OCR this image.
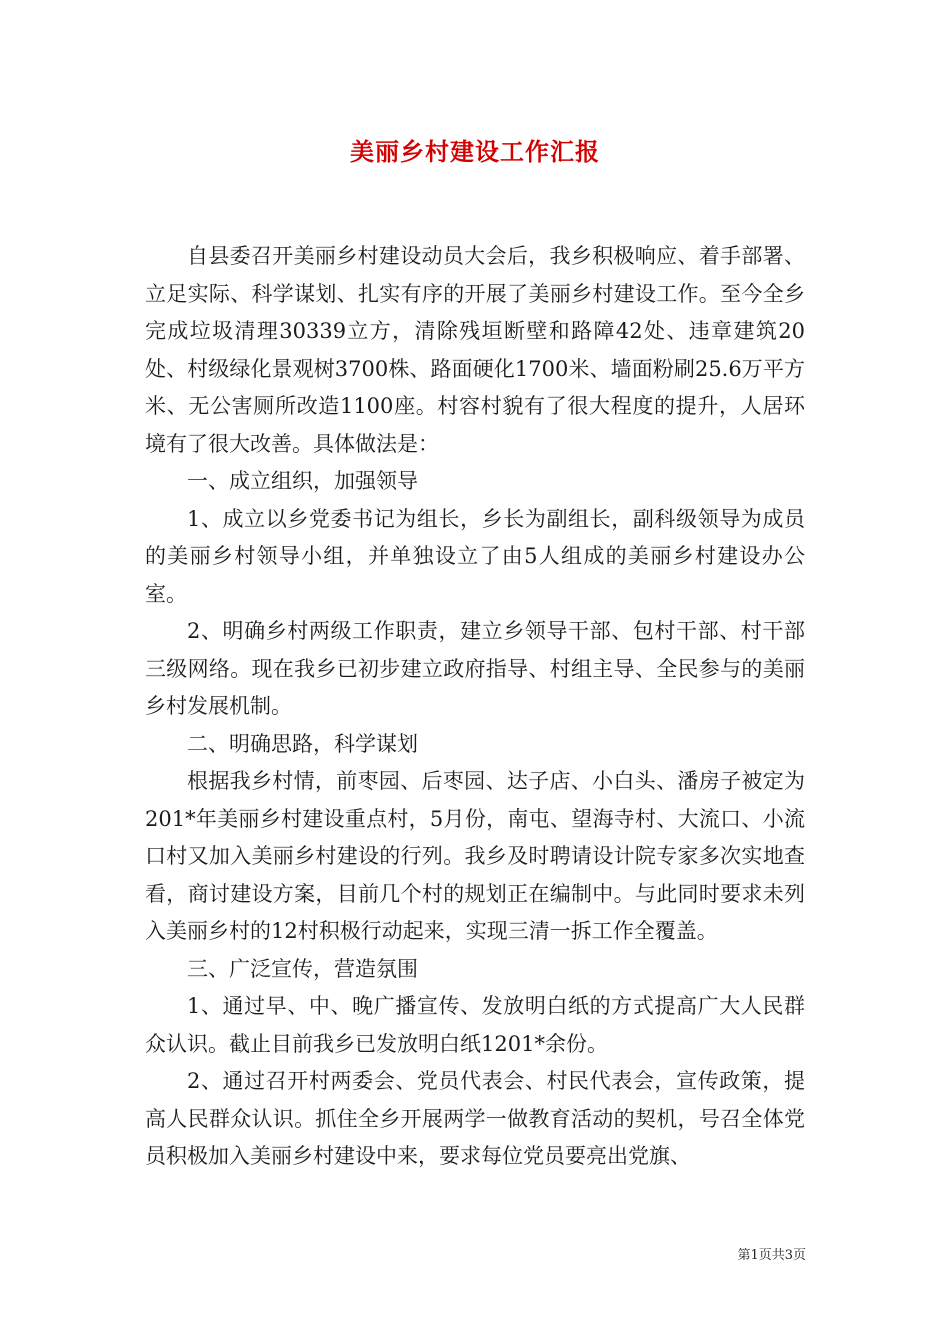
美丽乡村建设工作汇报

自县委召开美丽乡村建设动员大会后，我乡积极响应、着手部署、立足实际、科学谋划、扎实有序的开展了美丽乡村建设工作。至今全乡完成垃圾清理30339立方，清除残垣断壁和路障42处、违章建筑20处、村级绿化景观树3700株、路面硬化1700米、墙面粉刷25.6万平方米、无公害厕所改造1100座。村容村貌有了很大程度的提升，人居环境有了很大改善。具体做法是：

一、成立组织，加强领导

1、成立以乡党委书记为组长，乡长为副组长，副科级领导为成员的美丽乡村领导小组，并单独设立了由5人组成的美丽乡村建设办公室。

2、明确乡村两级工作职责，建立乡领导干部、包村干部、村干部三级网络。现在我乡已初步建立政府指导、村组主导、全民参与的美丽乡村发展机制。

二、明确思路，科学谋划

根据我乡村情，前枣园、后枣园、达子店、小白头、潘房子被定为201*年美丽乡村建设重点村，5月份，南屯、望海寺村、大流口、小流口村又加入美丽乡村建设的行列。我乡及时聘请设计院专家多次实地查看，商讨建设方案，目前几个村的规划正在编制中。与此同时要求未列入美丽乡村的12村积极行动起来，实现三清一拆工作全覆盖。

三、广泛宣传，营造氛围

1、通过早、中、晚广播宣传、发放明白纸的方式提高广大人民群众认识。截止目前我乡已发放明白纸1201*余份。

2、通过召开村两委会、党员代表会、村民代表会，宣传政策，提高人民群众认识。抓住全乡开展两学一做教育活动的契机，号召全体党员积极加入美丽乡村建设中来，要求每位党员要亮出党旗、

第1页共3页
